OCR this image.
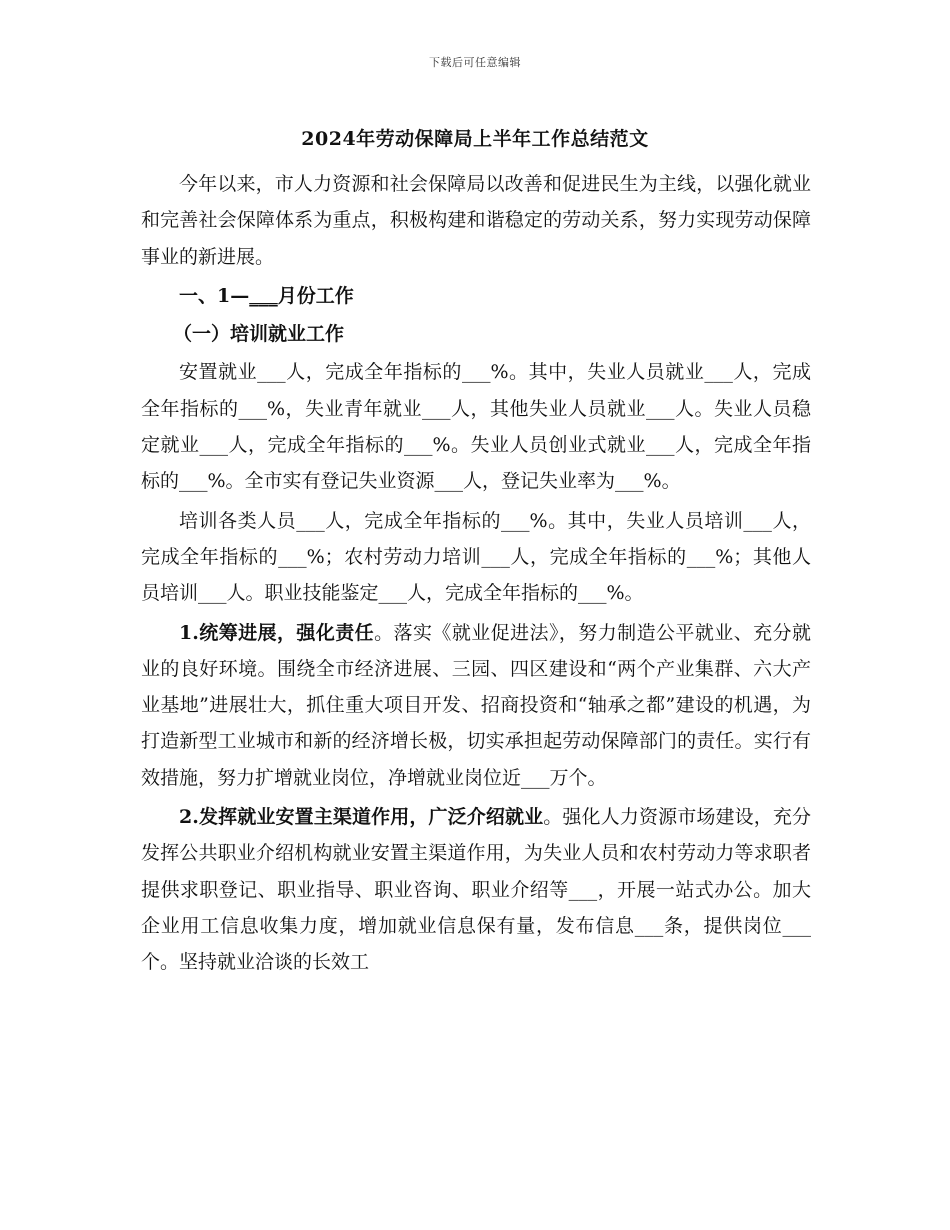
下载后可任意编辑
2024年劳动保障局上半年工作总结范文

今年以来，市人力资源和社会保障局以改善和促进民生为主线，以强化就业和完善社会保障体系为重点，积极构建和谐稳定的劳动关系，努力实现劳动保障事业的新进展。

一、1—___月份工作

（一）培训就业工作

安置就业___人，完成全年指标的___%。其中，失业人员就业___人，完成全年指标的___%，失业青年就业___人，其他失业人员就业___人。失业人员稳定就业___人，完成全年指标的___%。失业人员创业式就业___人，完成全年指标的___%。全市实有登记失业资源___人，登记失业率为___%。

培训各类人员___人，完成全年指标的___%。其中，失业人员培训___人，完成全年指标的___%；农村劳动力培训___人，完成全年指标的___%；其他人员培训___人。职业技能鉴定___人，完成全年指标的___%。

1.统筹进展，强化责任。落实《就业促进法》，努力制造公平就业、充分就业的良好环境。围绕全市经济进展、三园、四区建设和“两个产业集群、六大产业基地”进展壮大，抓住重大项目开发、招商投资和“轴承之都”建设的机遇，为打造新型工业城市和新的经济增长极，切实承担起劳动保障部门的责任。实行有效措施，努力扩增就业岗位，净增就业岗位近___万个。

2.发挥就业安置主渠道作用，广泛介绍就业。强化人力资源市场建设，充分发挥公共职业介绍机构就业安置主渠道作用，为失业人员和农村劳动力等求职者提供求职登记、职业指导、职业咨询、职业介绍等___，开展一站式办公。加大企业用工信息收集力度，增加就业信息保有量，发布信息___条，提供岗位___个。坚持就业洽谈的长效工
